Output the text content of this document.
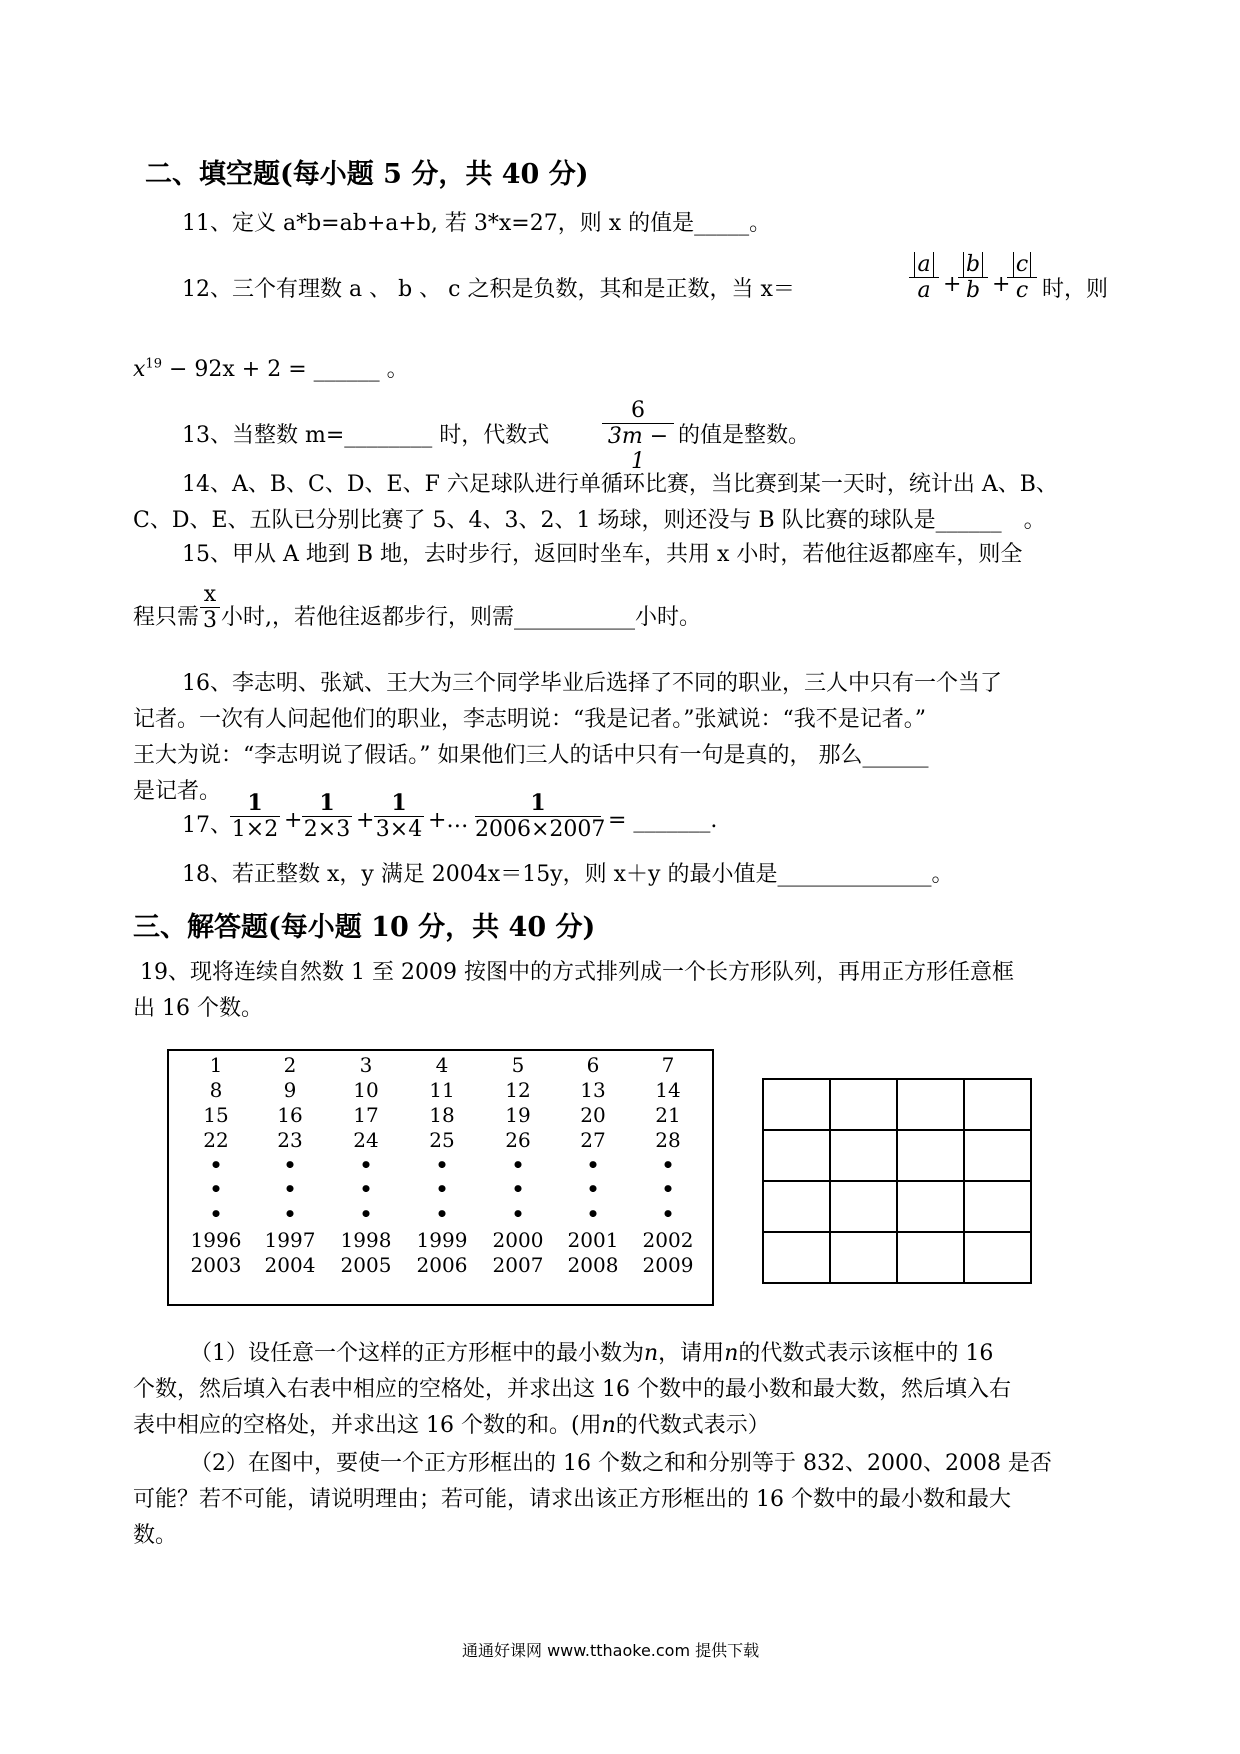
二、填空题(每小题 5 分，共 40 分)
11、定义 a*b=ab+a+b, 若 3*x=27，则 x 的值是_____。
12、三个有理数 a 、 b 、 c 之积是负数，其和是正数，当 x＝
a
a +
b
b +
c
c 时，则
$x^{19} - 92x + 2$ = ______ 。
13、当整数 m=________ 时，代数式
6
3m − 1
的值是整数。
14、A、B、C、D、E、F 六足球队进行单循环比赛，当比赛到某一天时，统计出 A、B、
C、D、E、五队已分别比赛了 5、4、3、2、1 场球，则还没与 B 队比赛的球队是______　。
15、甲从 A 地到 B 地，去时步行，返回时坐车，共用 x 小时，若他往返都座车，则全
程只需
x
3 小时,，若他往返都步行，则需___________小时。
16、李志明、张斌、王大为三个同学毕业后选择了不同的职业，三人中只有一个当了
记者。一次有人问起他们的职业，李志明说：“我是记者。”张斌说：“我不是记者。”
王大为说：“李志明说了假话。” 如果他们三人的话中只有一句是真的， 那么______
是记者。
17、
1
1×2 +
1
2×3 +
1
3×4 +…
1
2006×2007 = _______.
18、若正整数 x，y 满足 2004x＝15y，则 x＋y 的最小值是______________。
三、解答题(每小题 10 分，共 40 分)
19、现将连续自然数 1 至 2009 按图中的方式排列成一个长方形队列，再用正方形任意框
出 16 个数。
1	2	3	4	5	6	7
8	9	10	11	12	13	14
15	16	17	18	19	20	21
22	23	24	25	26	27	28
•	•	•	•	•	•	•
•	•	•	•	•	•	•
•	•	•	•	•	•	•
1996	1997	1998	1999	2000	2001	2002
2003	2004	2005	2006	2007	2008	2009

（1）设任意一个这样的正方形框中的最小数为n，请用n的代数式表示该框中的 16
个数，然后填入右表中相应的空格处，并求出这 16 个数中的最小数和最大数，然后填入右
表中相应的空格处，并求出这 16 个数的和。(用n的代数式表示）
（2）在图中，要使一个正方形框出的 16 个数之和和分别等于 832、2000、2008 是否
可能？若不可能，请说明理由；若可能，请求出该正方形框出的 16 个数中的最小数和最大
数。
通通好课网 www.tthaoke.com 提供下载
